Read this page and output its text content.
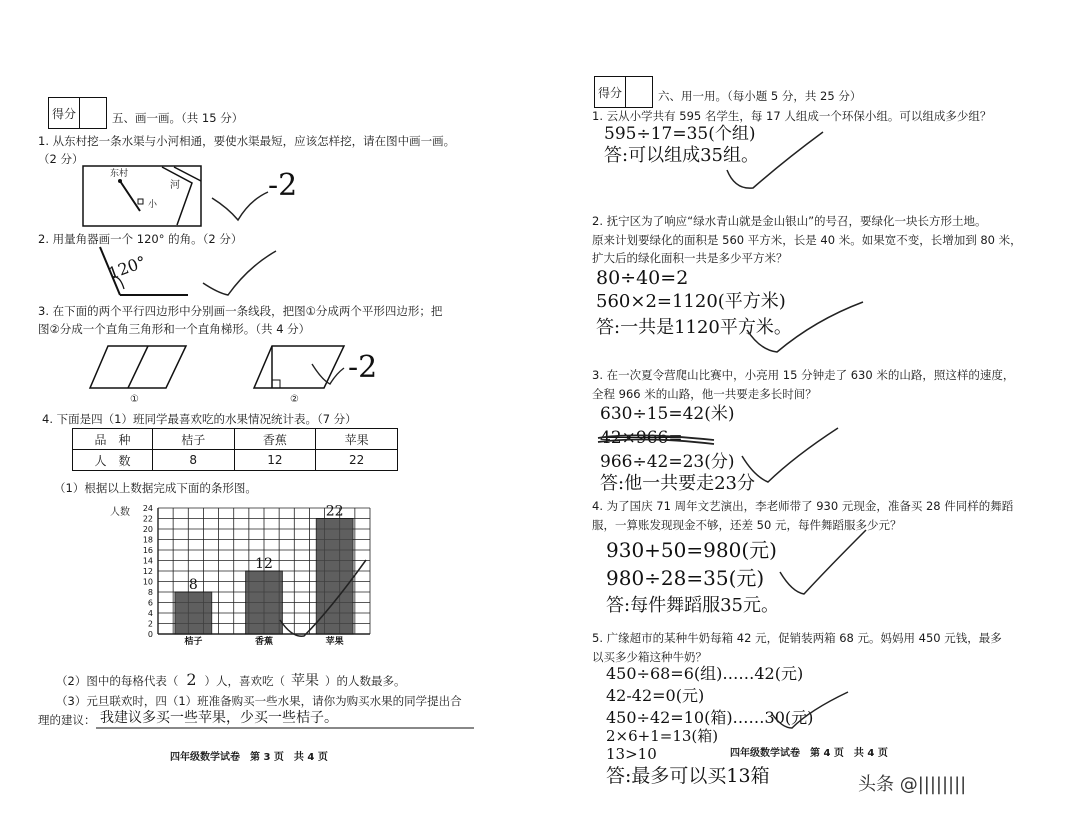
得分	五、画一画。（共 15 分）
1. 从东村挖一条水渠与小河相通，要使水渠最短，应该怎样挖，请在图中画一画。
（2 分）
东村
河
小
-2
2. 用量角器画一个 120° 的角。（2 分）
120°
3. 在下面的两个平行四边形中分别画一条线段，把图①分成两个平形四边形；把
图②分成一个直角三角形和一个直角梯形。（共 4 分）
①	②
-2
4. 下面是四（1）班同学最喜欢吃的水果情况统计表。（7 分）
品　种	桔子	香蕉	苹果
人　数	8	12	22
（1）根据以上数据完成下面的条形图。
人数
0
2
4
6
8
10
12
14
16
18
20
22
24
8
桔子
12
香蕉
22
苹果
（2）图中的每格代表（ 2 ）人，喜欢吃（ 苹果 ）的人数最多。
（3）元旦联欢时，四（1）班准备购买一些水果，请你为购买水果的同学提出合
理的建议： 我建议多买一些苹果，少买一些桔子。
四年级数学试卷　第 3 页　共 4 页
得分	六、用一用。（每小题 5 分，共 25 分）
1. 云从小学共有 595 名学生，每 17 人组成一个环保小组。可以组成多少组？
595÷17=35(个组)
答:可以组成35组。
2. 抚宁区为了响应“绿水青山就是金山银山”的号召，要绿化一块长方形土地。
原来计划要绿化的面积是 560 平方米，长是 40 米。如果宽不变，长增加到 80 米，
扩大后的绿化面积一共是多少平方米？
80÷40=2
560×2=1120(平方米)
答:一共是1120平方米。
3. 在一次夏令营爬山比赛中，小亮用 15 分钟走了 630 米的山路，照这样的速度，
全程 966 米的山路，他一共要走多长时间？
630÷15=42(米)
42×966=
966÷42=23(分)
答:他一共要走23分
4. 为了国庆 71 周年文艺演出，李老师带了 930 元现金，准备买 28 件同样的舞蹈
服，一算账发现现金不够，还差 50 元，每件舞蹈服多少元？
930+50=980(元)
980÷28=35(元)
答:每件舞蹈服35元。
5. 广缘超市的某种牛奶每箱 42 元，促销装两箱 68 元。妈妈用 450 元钱，最多
以买多少箱这种牛奶？
450÷68=6(组)……42(元)
42-42=0(元)
450÷42=10(箱)……30(元)
2×6+1=13(箱)
13>10
答:最多可以买13箱
四年级数学试卷　第 4 页　共 4 页
头条 @||||||||
